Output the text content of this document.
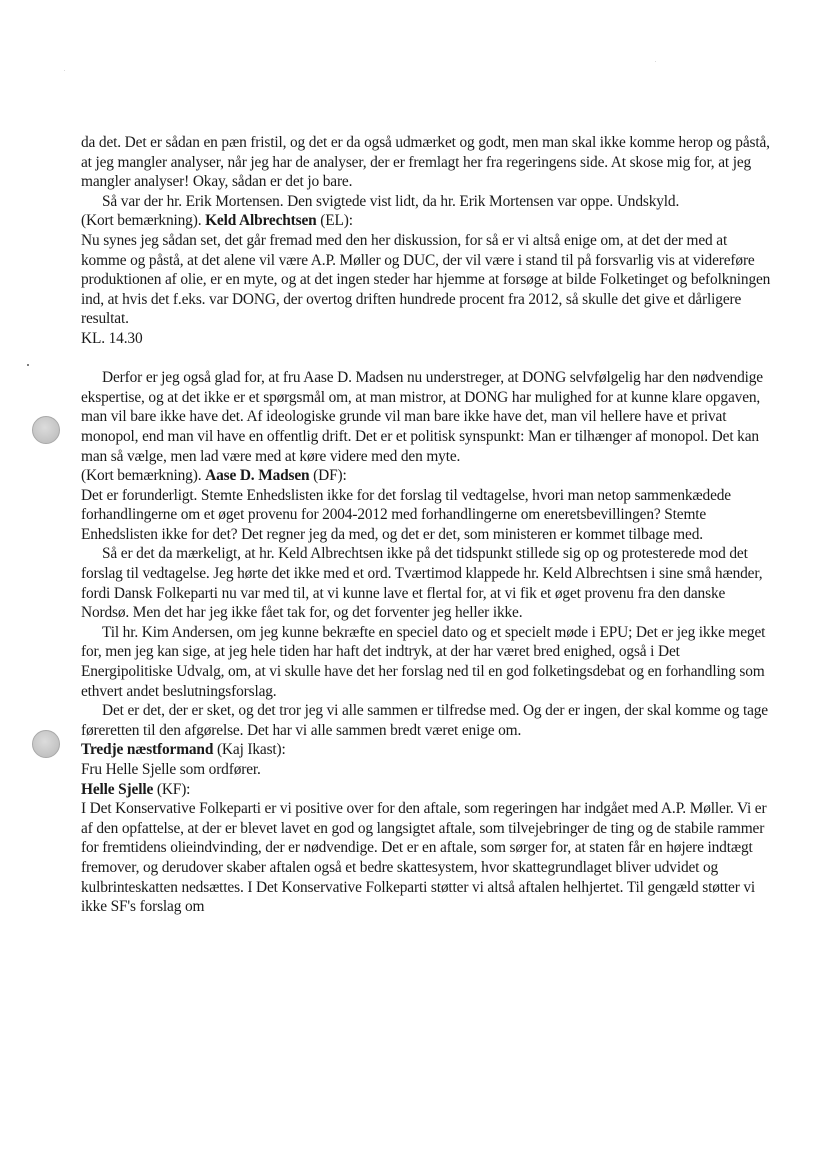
da det. Det er sådan en pæn fristil, og det er da også udmærket og godt, men man skal ikke komme herop og påstå, at jeg mangler analyser, når jeg har de analyser, der er fremlagt her fra regeringens side. At skose mig for, at jeg mangler analyser! Okay, sådan er det jo bare.

Så var der hr. Erik Mortensen. Den svigtede vist lidt, da hr. Erik Mortensen var oppe. Undskyld.

(Kort bemærkning). Keld Albrechtsen (EL):

Nu synes jeg sådan set, det går fremad med den her diskussion, for så er vi altså enige om, at det der med at komme og påstå, at det alene vil være A.P. Møller og DUC, der vil være i stand til på forsvarlig vis at videreføre produktionen af olie, er en myte, og at det ingen steder har hjemme at forsøge at bilde Folketinget og befolkningen ind, at hvis det f.eks. var DONG, der overtog driften hundrede procent fra 2012, så skulle det give et dårligere resultat.

KL. 14.30

Derfor er jeg også glad for, at fru Aase D. Madsen nu understreger, at DONG selvfølgelig har den nødvendige ekspertise, og at det ikke er et spørgsmål om, at man mistror, at DONG har mulighed for at kunne klare opgaven, man vil bare ikke have det. Af ideologiske grunde vil man bare ikke have det, man vil hellere have et privat monopol, end man vil have en offentlig drift. Det er et politisk synspunkt: Man er tilhænger af monopol. Det kan man så vælge, men lad være med at køre videre med den myte.

(Kort bemærkning). Aase D. Madsen (DF):

Det er forunderligt. Stemte Enhedslisten ikke for det forslag til vedtagelse, hvori man netop sammenkædede forhandlingerne om et øget provenu for 2004-2012 med forhandlingerne om eneretsbevillingen? Stemte Enhedslisten ikke for det? Det regner jeg da med, og det er det, som ministeren er kommet tilbage med.

Så er det da mærkeligt, at hr. Keld Albrechtsen ikke på det tidspunkt stillede sig op og protesterede mod det forslag til vedtagelse. Jeg hørte det ikke med et ord. Tværtimod klappede hr. Keld Albrechtsen i sine små hænder, fordi Dansk Folkeparti nu var med til, at vi kunne lave et flertal for, at vi fik et øget provenu fra den danske Nordsø. Men det har jeg ikke fået tak for, og det forventer jeg heller ikke.

Til hr. Kim Andersen, om jeg kunne bekræfte en speciel dato og et specielt møde i EPU; Det er jeg ikke meget for, men jeg kan sige, at jeg hele tiden har haft det indtryk, at der har været bred enighed, også i Det Energipolitiske Udvalg, om, at vi skulle have det her forslag ned til en god folketingsdebat og en forhandling som ethvert andet beslutningsforslag.

Det er det, der er sket, og det tror jeg vi alle sammen er tilfredse med. Og der er ingen, der skal komme og tage føreretten til den afgørelse. Det har vi alle sammen bredt været enige om.

Tredje næstformand (Kaj Ikast):

Fru Helle Sjelle som ordfører.

Helle Sjelle (KF):

I Det Konservative Folkeparti er vi positive over for den aftale, som regeringen har indgået med A.P. Møller. Vi er af den opfattelse, at der er blevet lavet en god og langsigtet aftale, som tilvejebringer de ting og de stabile rammer for fremtidens olieindvinding, der er nødvendige. Det er en aftale, som sørger for, at staten får en højere indtægt fremover, og derudover skaber aftalen også et bedre skattesystem, hvor skattegrundlaget bliver udvidet og kulbrinteskatten nedsættes. I Det Konservative Folkeparti støtter vi altså aftalen helhjertet. Til gengæld støtter vi ikke SF's forslag om
